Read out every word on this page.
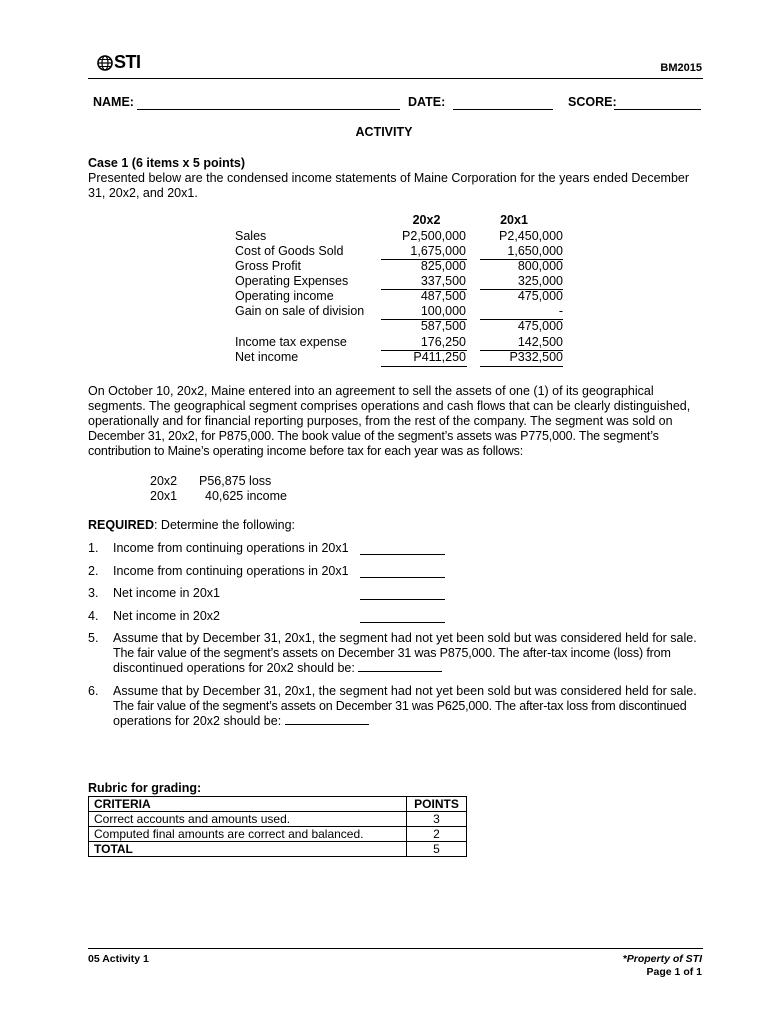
STI	BM2015
NAME:	DATE:	SCORE:
ACTIVITY
Case 1 (6 items x 5 points)
Presented below are the condensed income statements of Maine Corporation for the years ended December
31, 20x2, and 20x1.
20x2	20x1
Sales	P2,500,000	P2,450,000
Cost of Goods Sold	1,675,000	1,650,000
Gross Profit	825,000	800,000
Operating Expenses	337,500	325,000
Operating income	487,500	475,000
Gain on sale of division	100,000	-
587,500	475,000
Income tax expense	176,250	142,500
Net income	P411,250	P332,500
On October 10, 20x2, Maine entered into an agreement to sell the assets of one (1) of its geographical
segments. The geographical segment comprises operations and cash flows that can be clearly distinguished,
operationally and for financial reporting purposes, from the rest of the company. The segment was sold on
December 31, 20x2, for P875,000. The book value of the segment’s assets was P775,000. The segment’s
contribution to Maine’s operating income before tax for each year was as follows:
20x2 P56,875 loss
20x1 40,625 income
REQUIRED: Determine the following:
1. Income from continuing operations in 20x1
2. Income from continuing operations in 20x1
3. Net income in 20x1
4. Net income in 20x2
5. Assume that by December 31, 20x1, the segment had not yet been sold but was considered held for sale.
The fair value of the segment’s assets on December 31 was P875,000. The after-tax income (loss) from
discontinued operations for 20x2 should be:
6. Assume that by December 31, 20x1, the segment had not yet been sold but was considered held for sale.
The fair value of the segment’s assets on December 31 was P625,000. The after-tax loss from discontinued
operations for 20x2 should be:
Rubric for grading:
CRITERIA	POINTS
Correct accounts and amounts used.	3
Computed final amounts are correct and balanced.	2
TOTAL	5
05 Activity 1	*Property of STI
Page 1 of 1
